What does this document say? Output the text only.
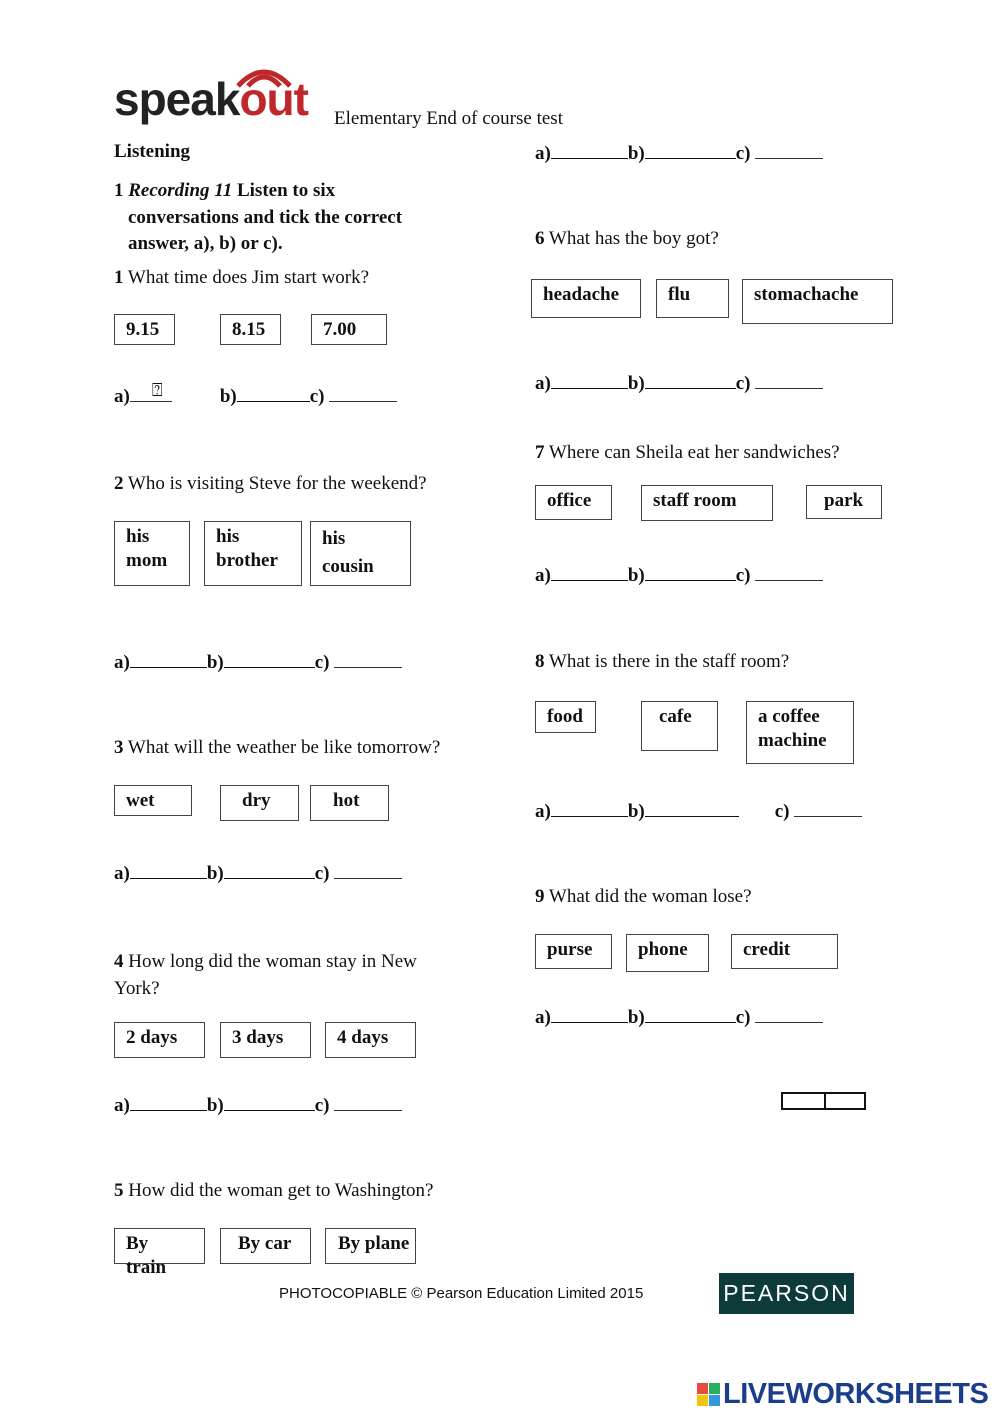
speakout Elementary End of course test
Listening
1 Recording 11 Listen to six
conversations and tick the correct
answer, a), b) or c).
1 What time does Jim start work?
9.15	8.15	7.00
a) ⍰	b)	c)
2 Who is visiting Steve for the weekend?
his
mom
his
brother
his
cousin
a)	b)	c)
3 What will the weather be like tomorrow?
wet	dry	hot
a)	b)	c)
4 How long did the woman stay in New
York?
2 days	3 days	4 days
a)	b)	c)
5 How did the woman get to Washington?
By train
By car	By plane
a)	b)	c)
6 What has the boy got?
headache	flu	stomachache
a)	b)	c)
7 Where can Sheila eat her sandwiches?
office	staff room	park
a)	b)	c)
8 What is there in the staff room?
food	cafe	a coffee
machine
a)	b)	c)
9 What did the woman lose?
purse	phone	credit
a)	b)	c)
PHOTOCOPIABLE © Pearson Education Limited 2015	PEARSON
LIVEWORKSHEETS
